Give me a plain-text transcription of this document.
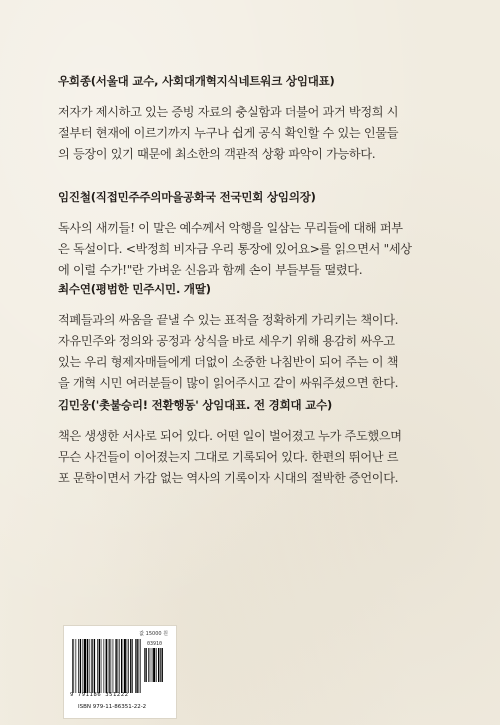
우희종(서울대 교수, 사회대개혁지식네트워크 상임대표)

저자가 제시하고 있는 증빙 자료의 충실함과 더불어 과거 박정희 시
절부터 현재에 이르기까지 누구나 쉽게 공식 확인할 수 있는 인물들
의 등장이 있기 때문에 최소한의 객관적 상황 파악이 가능하다.

임진철(직접민주주의마을공화국 전국민회 상임의장)

독사의 새끼들! 이 말은 예수께서 악행을 일삼는 무리들에 대해 퍼부
은 독설이다. <박정희 비자금 우리 통장에 있어요>를 읽으면서 "세상
에 이럴 수가!"란 가벼운 신음과 함께 손이 부들부들 떨렸다.

최수연(평범한 민주시민. 개딸)

적폐들과의 싸움을 끝낼 수 있는 표적을 정확하게 가리키는 책이다.
자유민주와 정의와 공정과 상식을 바로 세우기 위해 용감히 싸우고
있는 우리 형제자매들에게 더없이 소중한 나침반이 되어 주는 이 책
을 개혁 시민 여러분들이 많이 읽어주시고 같이 싸워주셨으면 한다.

김민웅('촛불승리! 전환행동' 상임대표. 전 경희대 교수)

책은 생생한 서사로 되어 있다. 어떤 일이 벌어졌고 누가 주도했으며
무슨 사건들이 이어졌는지 그대로 기록되어 있다. 한편의 뛰어난 르
포 문학이면서 가감 없는 역사의 기록이자 시대의 절박한 증언이다.

값 15000 원
03910
9 791186 351222
ISBN 979-11-86351-22-2
